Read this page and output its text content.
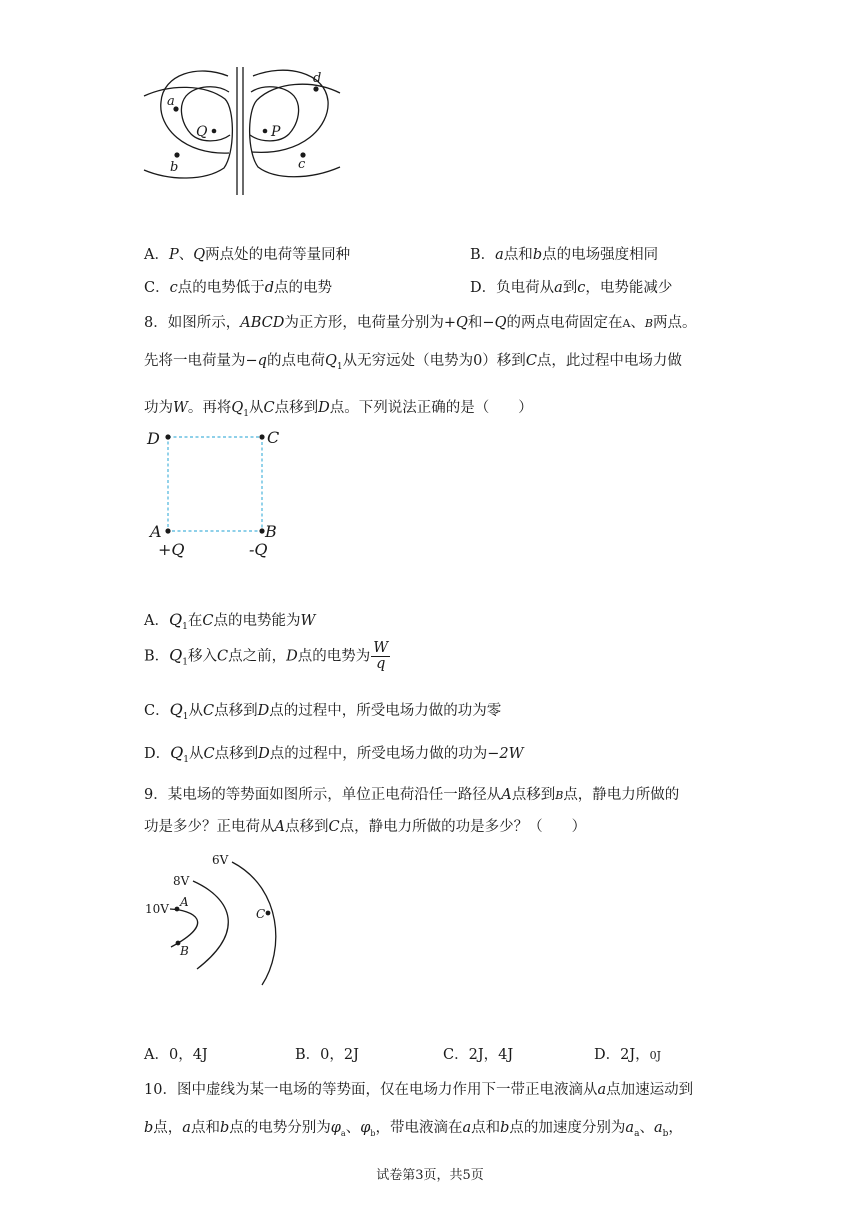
a
b	c
d
Q	P
A．P、Q两点处的电荷等量同种	B．a点和b点的电场强度相同
C．c点的电势低于d点的电势	D．负电荷从a到c，电势能减少
8．如图所示，ABCD为正方形，电荷量分别为+Q和−Q的两点电荷固定在A、B两点。
先将一电荷量为−q的点电荷$Q_1$从无穷远处（电势为0）移到C点，此过程中电场力做
功为W。再将$Q_1$从C点移到D点。下列说法正确的是（　　）
D	C
A	B
+Q	-Q
A．$Q_1$在C点的电势能为W
B．$Q_1$移入C点之前，D点的电势为 $\frac{W}{q}$
C．$Q_1$从C点移到D点的过程中，所受电场力做的功为零
D．$Q_1$从C点移到D点的过程中，所受电场力做的功为−2W
9．某电场的等势面如图所示，单位正电荷沿任一路径从A点移到B点，静电力所做的
功是多少？正电荷从A点移到C点，静电力所做的功是多少？（　　）
6V
8V
10V A
B
C
A．0，4J	B．0，2J	C．2J，4J	D．2J，0J
10．图中虚线为某一电场的等势面，仅在电场力作用下一带正电液滴从a点加速运动到
b点，a点和b点的电势分别为$\varphi_a$、$\varphi_b$，带电液滴在a点和b点的加速度分别为$a_a$、$a_b$，
试卷第3页，共5页
